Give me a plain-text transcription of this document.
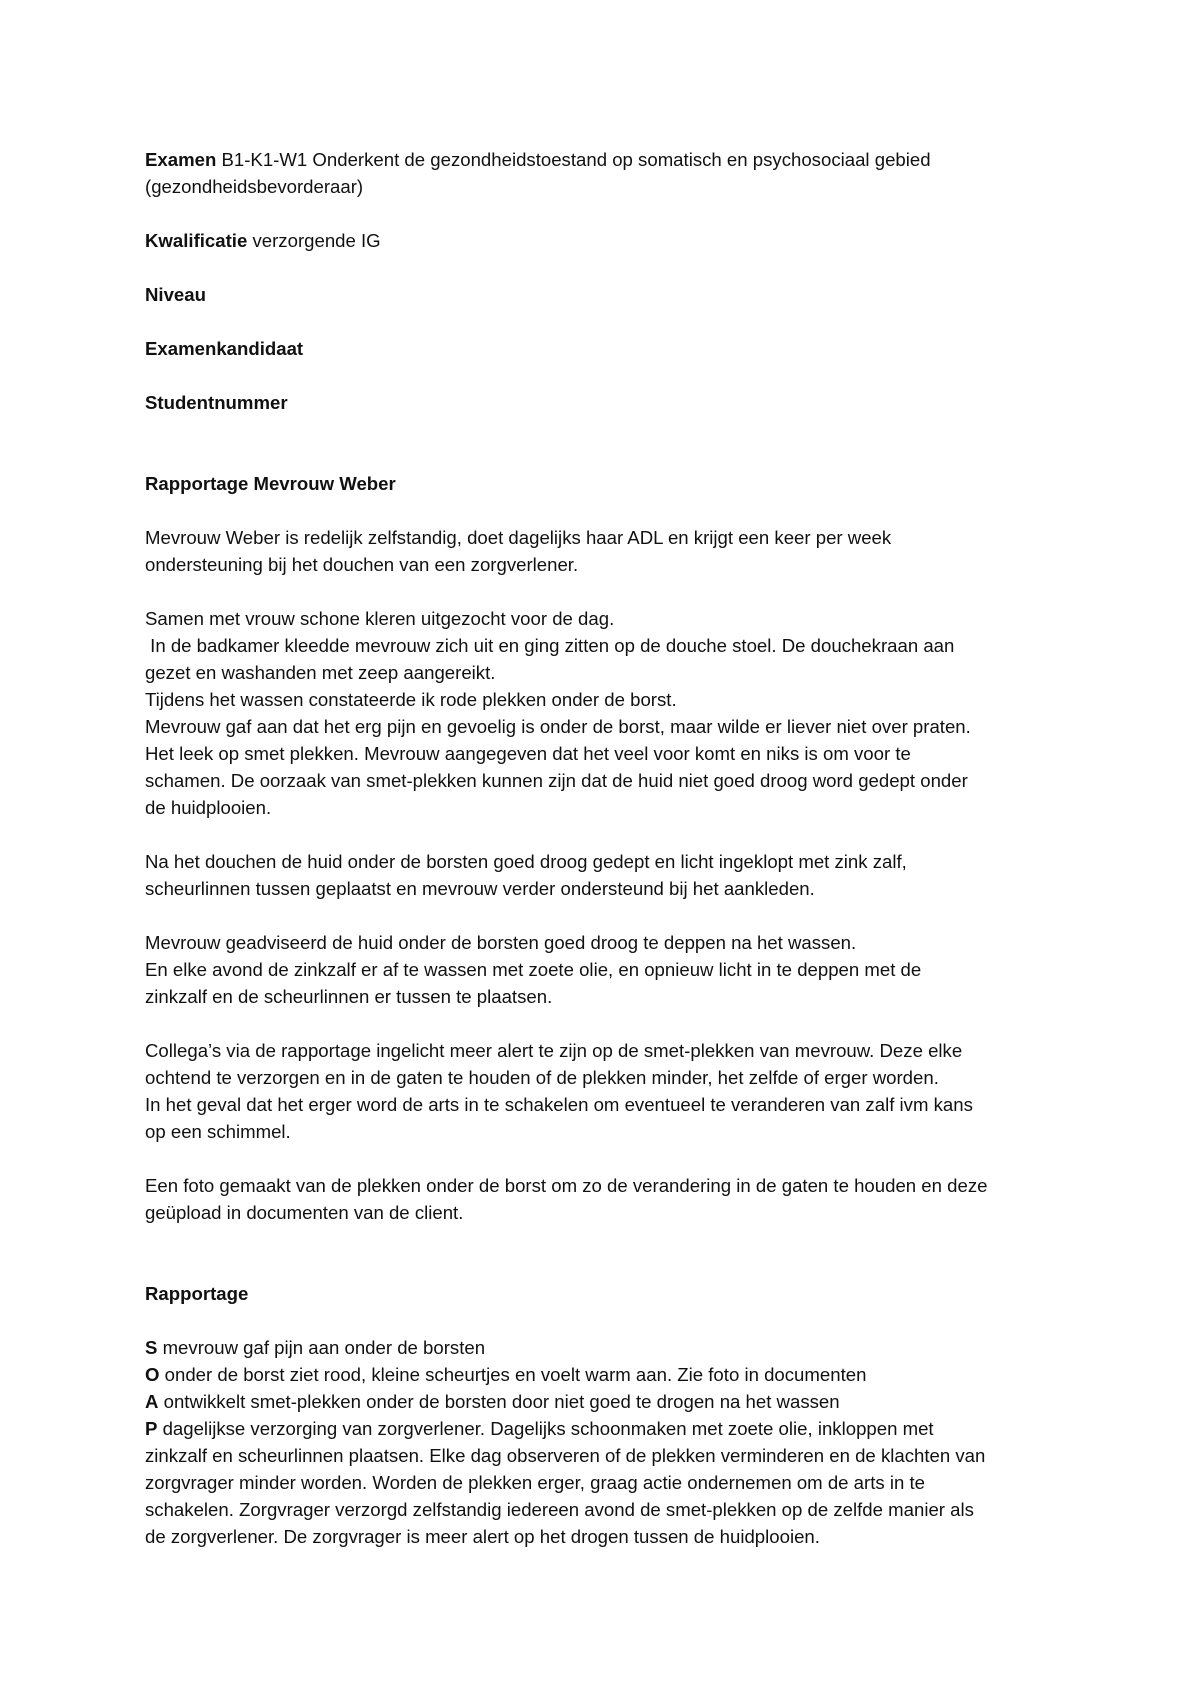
Examen B1-K1-W1 Onderkent de gezondheidstoestand op somatisch en psychosociaal gebied
(gezondheidsbevorderaar)
Kwalificatie verzorgende IG
Niveau
Examenkandidaat
Studentnummer
Rapportage Mevrouw Weber
Mevrouw Weber is redelijk zelfstandig, doet dagelijks haar ADL en krijgt een keer per week
ondersteuning bij het douchen van een zorgverlener.
Samen met vrouw schone kleren uitgezocht voor de dag.
In de badkamer kleedde mevrouw zich uit en ging zitten op de douche stoel. De douchekraan aan
gezet en washanden met zeep aangereikt.
Tijdens het wassen constateerde ik rode plekken onder de borst.
Mevrouw gaf aan dat het erg pijn en gevoelig is onder de borst, maar wilde er liever niet over praten.
Het leek op smet plekken. Mevrouw aangegeven dat het veel voor komt en niks is om voor te
schamen. De oorzaak van smet-plekken kunnen zijn dat de huid niet goed droog word gedept onder
de huidplooien.
Na het douchen de huid onder de borsten goed droog gedept en licht ingeklopt met zink zalf,
scheurlinnen tussen geplaatst en mevrouw verder ondersteund bij het aankleden.
Mevrouw geadviseerd de huid onder de borsten goed droog te deppen na het wassen.
En elke avond de zinkzalf er af te wassen met zoete olie, en opnieuw licht in te deppen met de
zinkzalf en de scheurlinnen er tussen te plaatsen.
Collega’s via de rapportage ingelicht meer alert te zijn op de smet-plekken van mevrouw. Deze elke
ochtend te verzorgen en in de gaten te houden of de plekken minder, het zelfde of erger worden.
In het geval dat het erger word de arts in te schakelen om eventueel te veranderen van zalf ivm kans
op een schimmel.
Een foto gemaakt van de plekken onder de borst om zo de verandering in de gaten te houden en deze
geüpload in documenten van de client.
Rapportage
S mevrouw gaf pijn aan onder de borsten
O onder de borst ziet rood, kleine scheurtjes en voelt warm aan. Zie foto in documenten
A ontwikkelt smet-plekken onder de borsten door niet goed te drogen na het wassen
P dagelijkse verzorging van zorgverlener. Dagelijks schoonmaken met zoete olie, inkloppen met
zinkzalf en scheurlinnen plaatsen. Elke dag observeren of de plekken verminderen en de klachten van
zorgvrager minder worden. Worden de plekken erger, graag actie ondernemen om de arts in te
schakelen. Zorgvrager verzorgd zelfstandig iedereen avond de smet-plekken op de zelfde manier als
de zorgverlener. De zorgvrager is meer alert op het drogen tussen de huidplooien.
